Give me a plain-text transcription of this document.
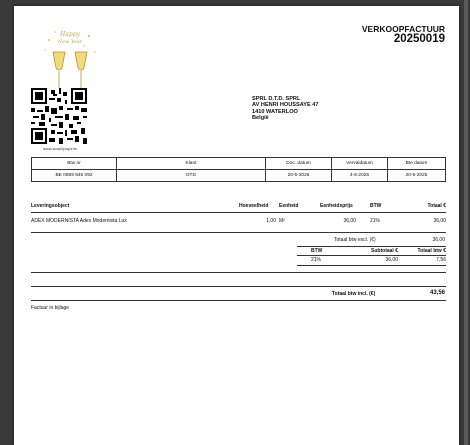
Happy
New Year
www.scan2pay.info
VERKOOPFACTUUR
20250019
SPRL D.T.D. SPRL
AV HENRI HOUSSAYE 47
1410 WATERLOO
België
Btw nr	Klant	Doc. datum	Vervaldatum	Bte datum
BE 0869 645 092	DTD	20-5-2025	4-6-2025	20-5-2025
Leveringsobject	Hoeveelheid Eenheid	Eenheidsprijs	BTW	Totaal €
ADEX MODERNISTA Adex Modernista Lux	1,00 M²	36,00	21%	36,00
Totaal btw excl. (€)	36,00
BTW	Subtotaal €	Totaal btw €
21%	36,00	7,56
Totaal btw incl. (€)	43,56
Factuur in bijlage
